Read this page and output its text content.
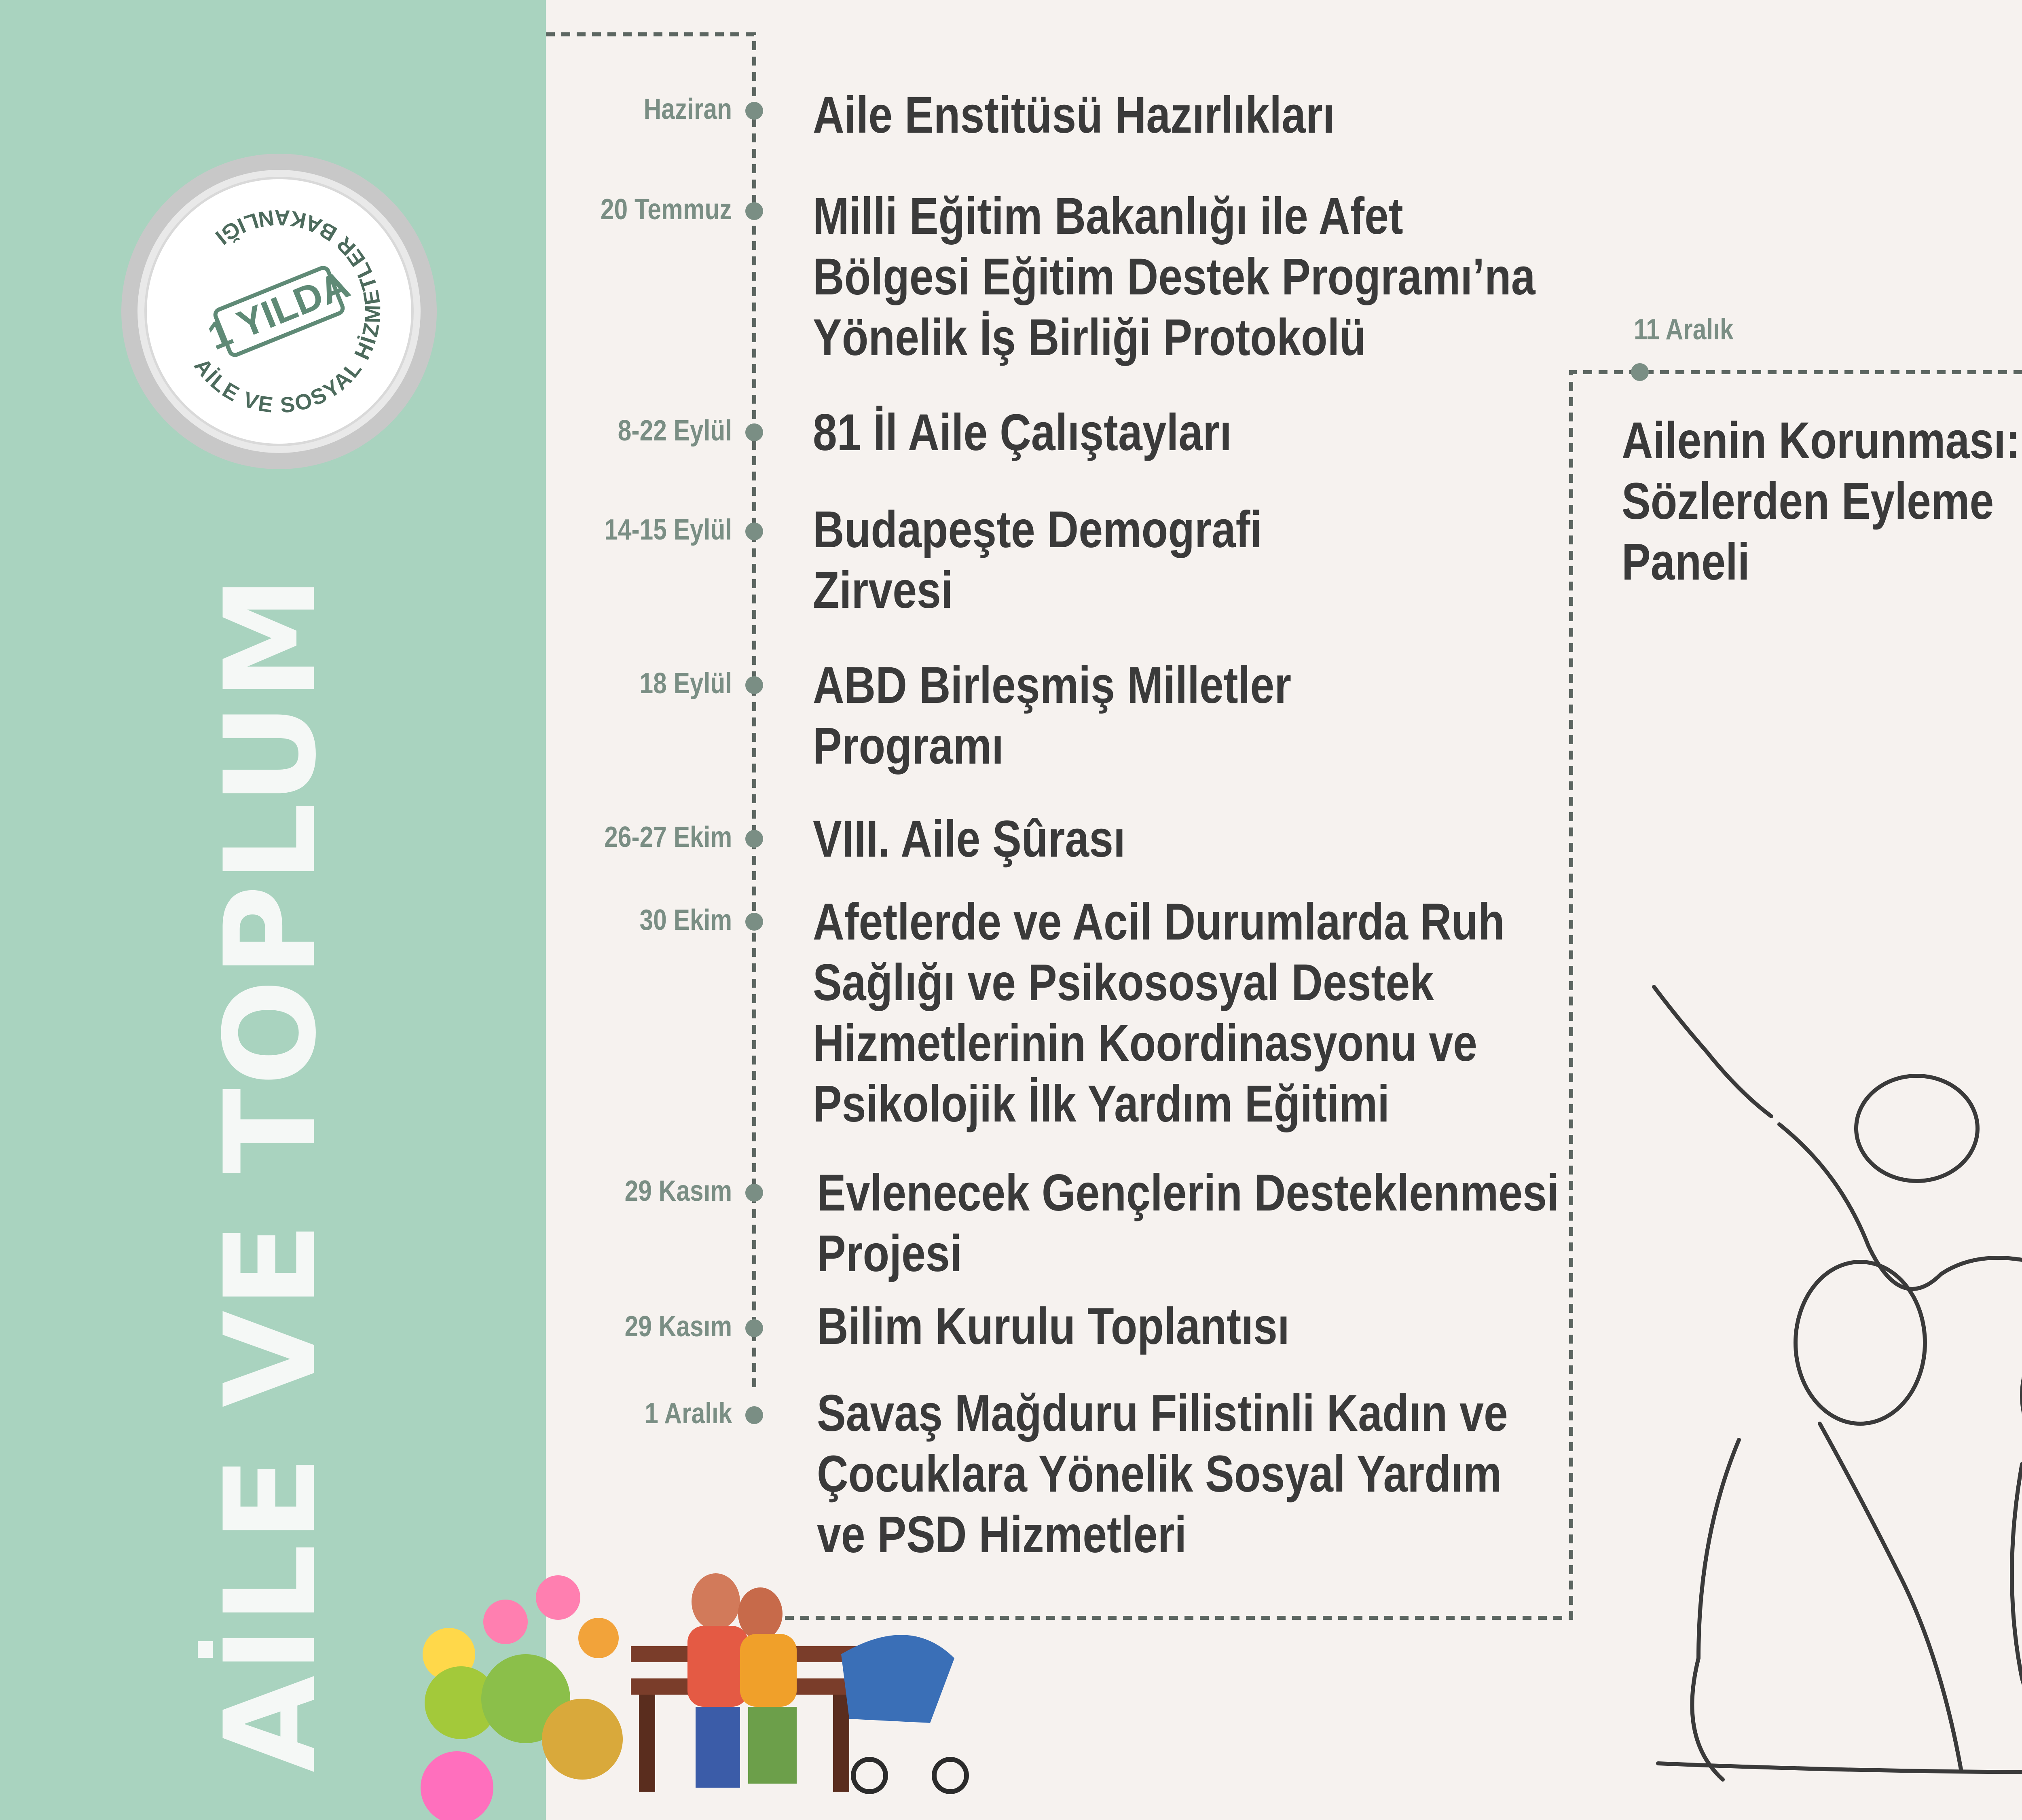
AİLE VE TOPLUM
AİLE VE SOSYAL HİZMETLER BAKANLIĞI
1 YILDA
Haziran Aile Enstitüsü Hazırlıkları
20 Temmuz Milli Eğitim Bakanlığı ile Afet
Bölgesi Eğitim Destek Programı’na
Yönelik İş Birliği Protokolü
8-22 Eylül 81 İl Aile Çalıştayları
14-15 Eylül Budapeşte Demografi
Zirvesi
18 Eylül ABD Birleşmiş Milletler
Programı
26-27 Ekim VIII. Aile Şûrası
30 Ekim Afetlerde ve Acil Durumlarda Ruh
Sağlığı ve Psikososyal Destek
Hizmetlerinin Koordinasyonu ve
Psikolojik İlk Yardım Eğitimi
29 Kasım Evlenecek Gençlerin Desteklenmesi
Projesi
29 Kasım Bilim Kurulu Toplantısı
1 Aralık Savaş Mağduru Filistinli Kadın ve
Çocuklara Yönelik Sosyal Yardım
ve PSD Hizmetleri
11 Aralık
Ailenin Korunması:
Sözlerden Eyleme
Paneli
